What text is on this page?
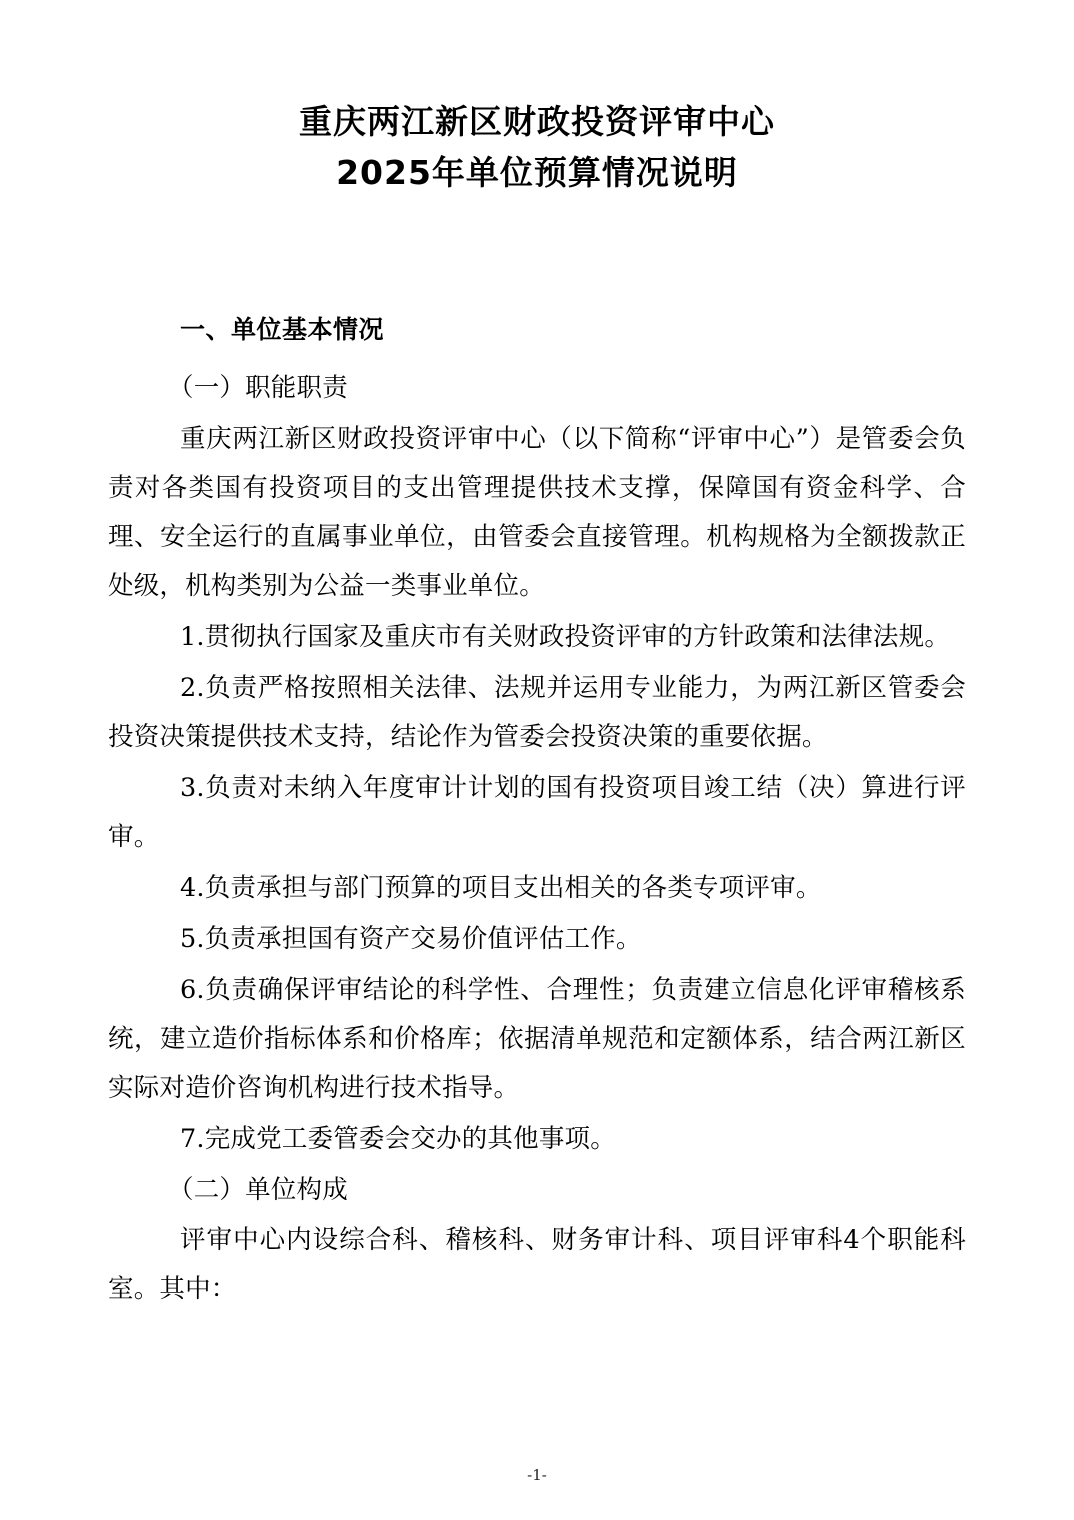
重庆两江新区财政投资评审中心
2025年单位预算情况说明
一、单位基本情况

（一）职能职责

重庆两江新区财政投资评审中心（以下简称“评审中心”）是管委会负责对各类国有投资项目的支出管理提供技术支撑，保障国有资金科学、合理、安全运行的直属事业单位，由管委会直接管理。机构规格为全额拨款正处级，机构类别为公益一类事业单位。

1.贯彻执行国家及重庆市有关财政投资评审的方针政策和法律法规。

2.负责严格按照相关法律、法规并运用专业能力，为两江新区管委会投资决策提供技术支持，结论作为管委会投资决策的重要依据。

3.负责对未纳入年度审计计划的国有投资项目竣工结（决）算进行评审。

4.负责承担与部门预算的项目支出相关的各类专项评审。

5.负责承担国有资产交易价值评估工作。

6.负责确保评审结论的科学性、合理性；负责建立信息化评审稽核系统，建立造价指标体系和价格库；依据清单规范和定额体系，结合两江新区实际对造价咨询机构进行技术指导。

7.完成党工委管委会交办的其他事项。

（二）单位构成

评审中心内设综合科、稽核科、财务审计科、项目评审科4个职能科室。其中：

-1-
